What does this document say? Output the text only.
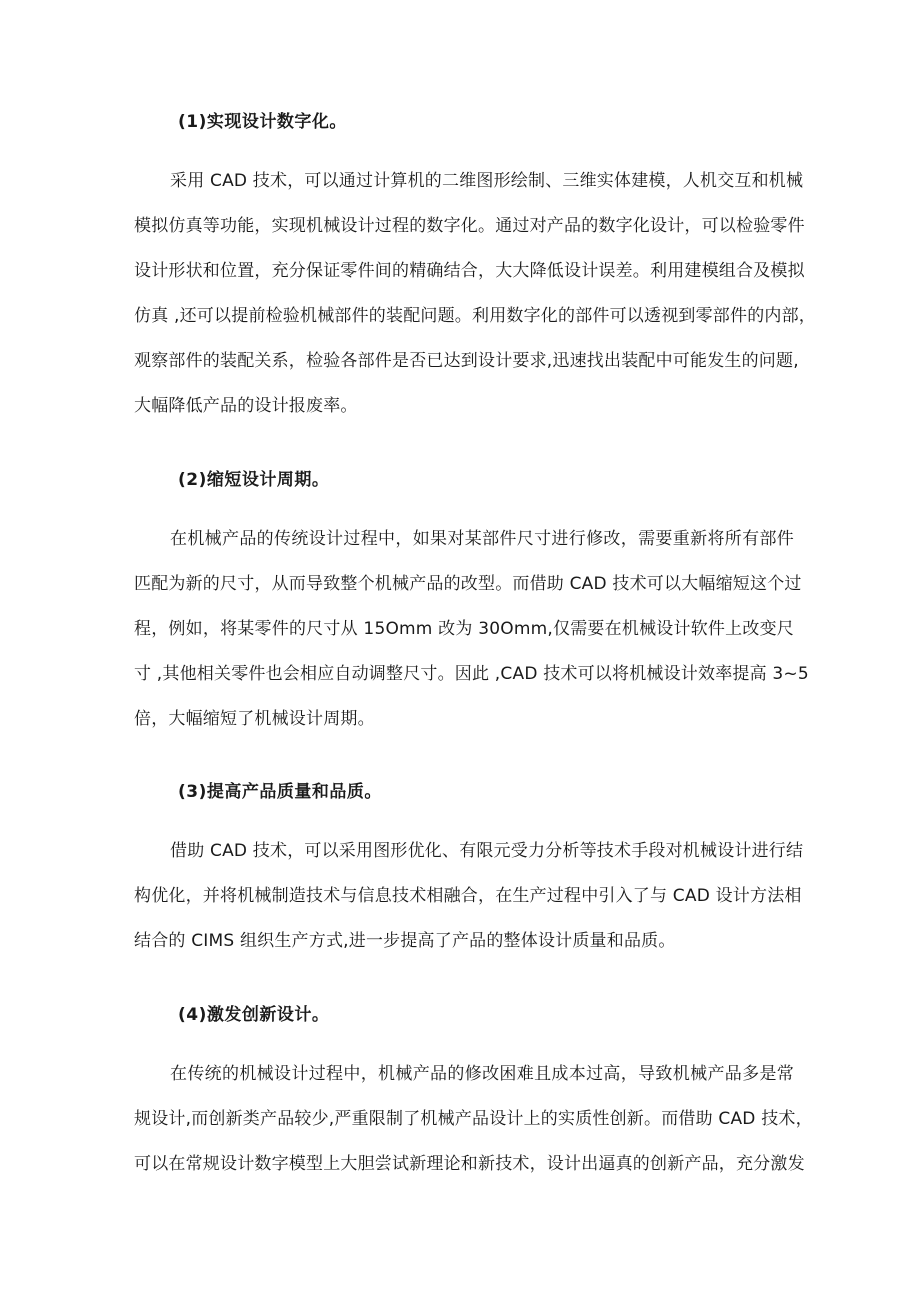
(1)实现设计数字化。
采用 CAD 技术，可以通过计算机的二维图形绘制、三维实体建模，人机交互和机械
模拟仿真等功能，实现机械设计过程的数字化。通过对产品的数字化设计，可以检验零件
设计形状和位置，充分保证零件间的精确结合，大大降低设计误差。利用建模组合及模拟
仿真 ,还可以提前检验机械部件的装配问题。利用数字化的部件可以透视到零部件的内部，
观察部件的装配关系，检验各部件是否已达到设计要求,迅速找出装配中可能发生的问题,
大幅降低产品的设计报废率。
(2)缩短设计周期。
在机械产品的传统设计过程中，如果对某部件尺寸进行修改，需要重新将所有部件
匹配为新的尺寸，从而导致整个机械产品的改型。而借助 CAD 技术可以大幅缩短这个过
程，例如，将某零件的尺寸从 15Omm 改为 30Omm,仅需要在机械设计软件上改变尺
寸 ,其他相关零件也会相应自动调整尺寸。因此 ,CAD 技术可以将机械设计效率提高 3~5
倍，大幅缩短了机械设计周期。
(3)提高产品质量和品质。
借助 CAD 技术，可以采用图形优化、有限元受力分析等技术手段对机械设计进行结
构优化，并将机械制造技术与信息技术相融合，在生产过程中引入了与 CAD 设计方法相
结合的 CIMS 组织生产方式,进一步提高了产品的整体设计质量和品质。
(4)激发创新设计。
在传统的机械设计过程中，机械产品的修改困难且成本过高，导致机械产品多是常
规设计,而创新类产品较少,严重限制了机械产品设计上的实质性创新。而借助 CAD 技术，
可以在常规设计数字模型上大胆尝试新理论和新技术，设计出逼真的创新产品，充分激发
